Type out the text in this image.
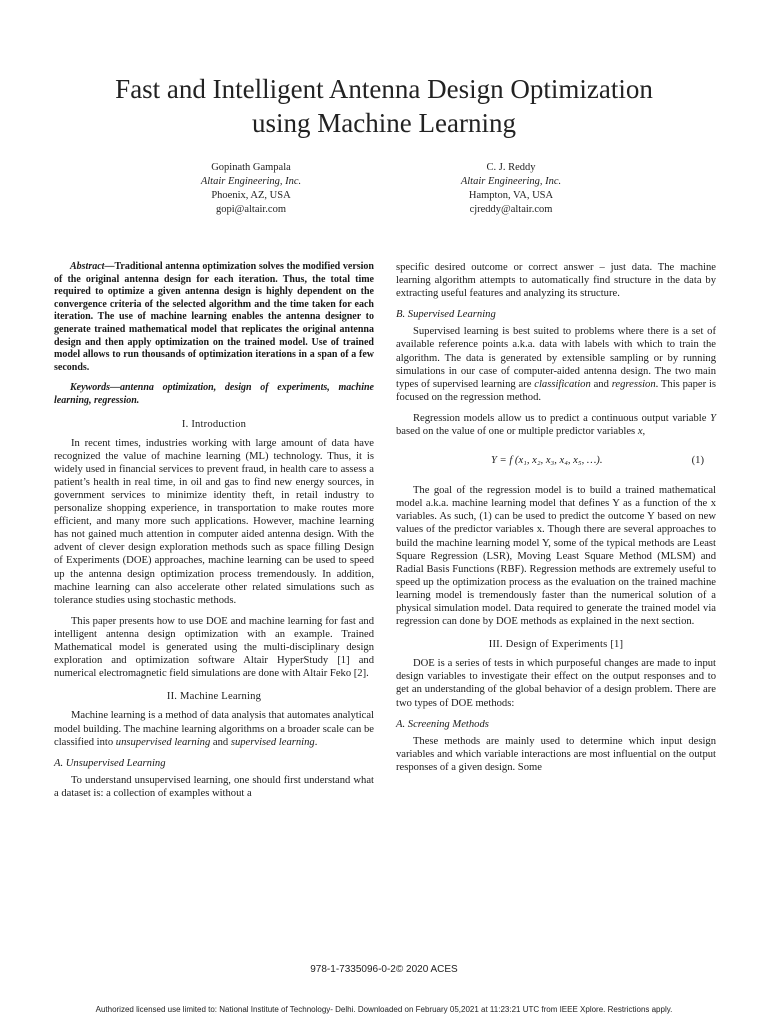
Fast and Intelligent Antenna Design Optimization
using Machine Learning
Gopinath Gampala
Altair Engineering, Inc.
Phoenix, AZ, USA
gopi@altair.com
C. J. Reddy
Altair Engineering, Inc.
Hampton, VA, USA
cjreddy@altair.com

Abstract—Traditional antenna optimization solves the modified version of the original antenna design for each iteration. Thus, the total time required to optimize a given antenna design is highly dependent on the convergence criteria of the selected algorithm and the time taken for each iteration. The use of machine learning enables the antenna designer to generate trained mathematical model that replicates the original antenna design and then apply optimization on the trained model. Use of trained model allows to run thousands of optimization iterations in a span of a few seconds.

Keywords—antenna optimization, design of experiments, machine learning, regression.

I. Introduction

In recent times, industries working with large amount of data have recognized the value of machine learning (ML) technology. Thus, it is widely used in financial services to prevent fraud, in health care to assess a patient’s health in real time, in oil and gas to find new energy sources, in government services to minimize identity theft, in retail industry to personalize shopping experience, in transportation to make routes more efficient, and many more such applications. However, machine learning has not gained much attention in computer aided antenna design. With the advent of clever design exploration methods such as space filling Design of Experiments (DOE) approaches, machine learning can be used to speed up the antenna design optimization process tremendously. In addition, machine learning can also accelerate other related simulations such as tolerance studies using stochastic methods.

This paper presents how to use DOE and machine learning for fast and intelligent antenna design optimization with an example. Trained Mathematical model is generated using the multi-disciplinary design exploration and optimization software Altair HyperStudy [1] and numerical electromagnetic field simulations are done with Altair Feko [2].

II. Machine Learning

Machine learning is a method of data analysis that automates analytical model building. The machine learning algorithms on a broader scale can be classified into unsupervised learning and supervised learning.

A. Unsupervised Learning

To understand unsupervised learning, one should first understand what a dataset is: a collection of examples without a

specific desired outcome or correct answer – just data. The machine learning algorithm attempts to automatically find structure in the data by extracting useful features and analyzing its structure.

B. Supervised Learning

Supervised learning is best suited to problems where there is a set of available reference points a.k.a. data with labels with which to train the algorithm. The data is generated by extensible sampling or by running simulations in our case of computer-aided antenna design. The two main types of supervised learning are classification and regression. This paper is focused on the regression method.

Regression models allow us to predict a continuous output variable Y based on the value of one or multiple predictor variables x,

Y = f (x₁, x₂, x₃, x₄, x₅, …).	(1)

The goal of the regression model is to build a trained mathematical model a.k.a. machine learning model that defines Y as a function of the x variables. As such, (1) can be used to predict the outcome Y based on new values of the predictor variables x. Though there are several approaches to build the machine learning model Y, some of the typical methods are Least Square Regression (LSR), Moving Least Square Method (MLSM) and Radial Basis Functions (RBF). Regression methods are extremely useful to speed up the optimization process as the evaluation on the trained machine learning model is tremendously faster than the numerical solution of a physical simulation model. Data required to generate the trained model via regression can done by DOE methods as explained in the next section.

III. Design of Experiments [1]

DOE is a series of tests in which purposeful changes are made to input design variables to investigate their effect on the output responses and to get an understanding of the global behavior of a design problem. There are two types of DOE methods:

A. Screening Methods

These methods are mainly used to determine which input design variables and which variable interactions are most influential on the output responses of a given design. Some

978-1-7335096-0-2© 2020 ACES
Authorized licensed use limited to: National Institute of Technology- Delhi. Downloaded on February 05,2021 at 11:23:21 UTC from IEEE Xplore. Restrictions apply.
